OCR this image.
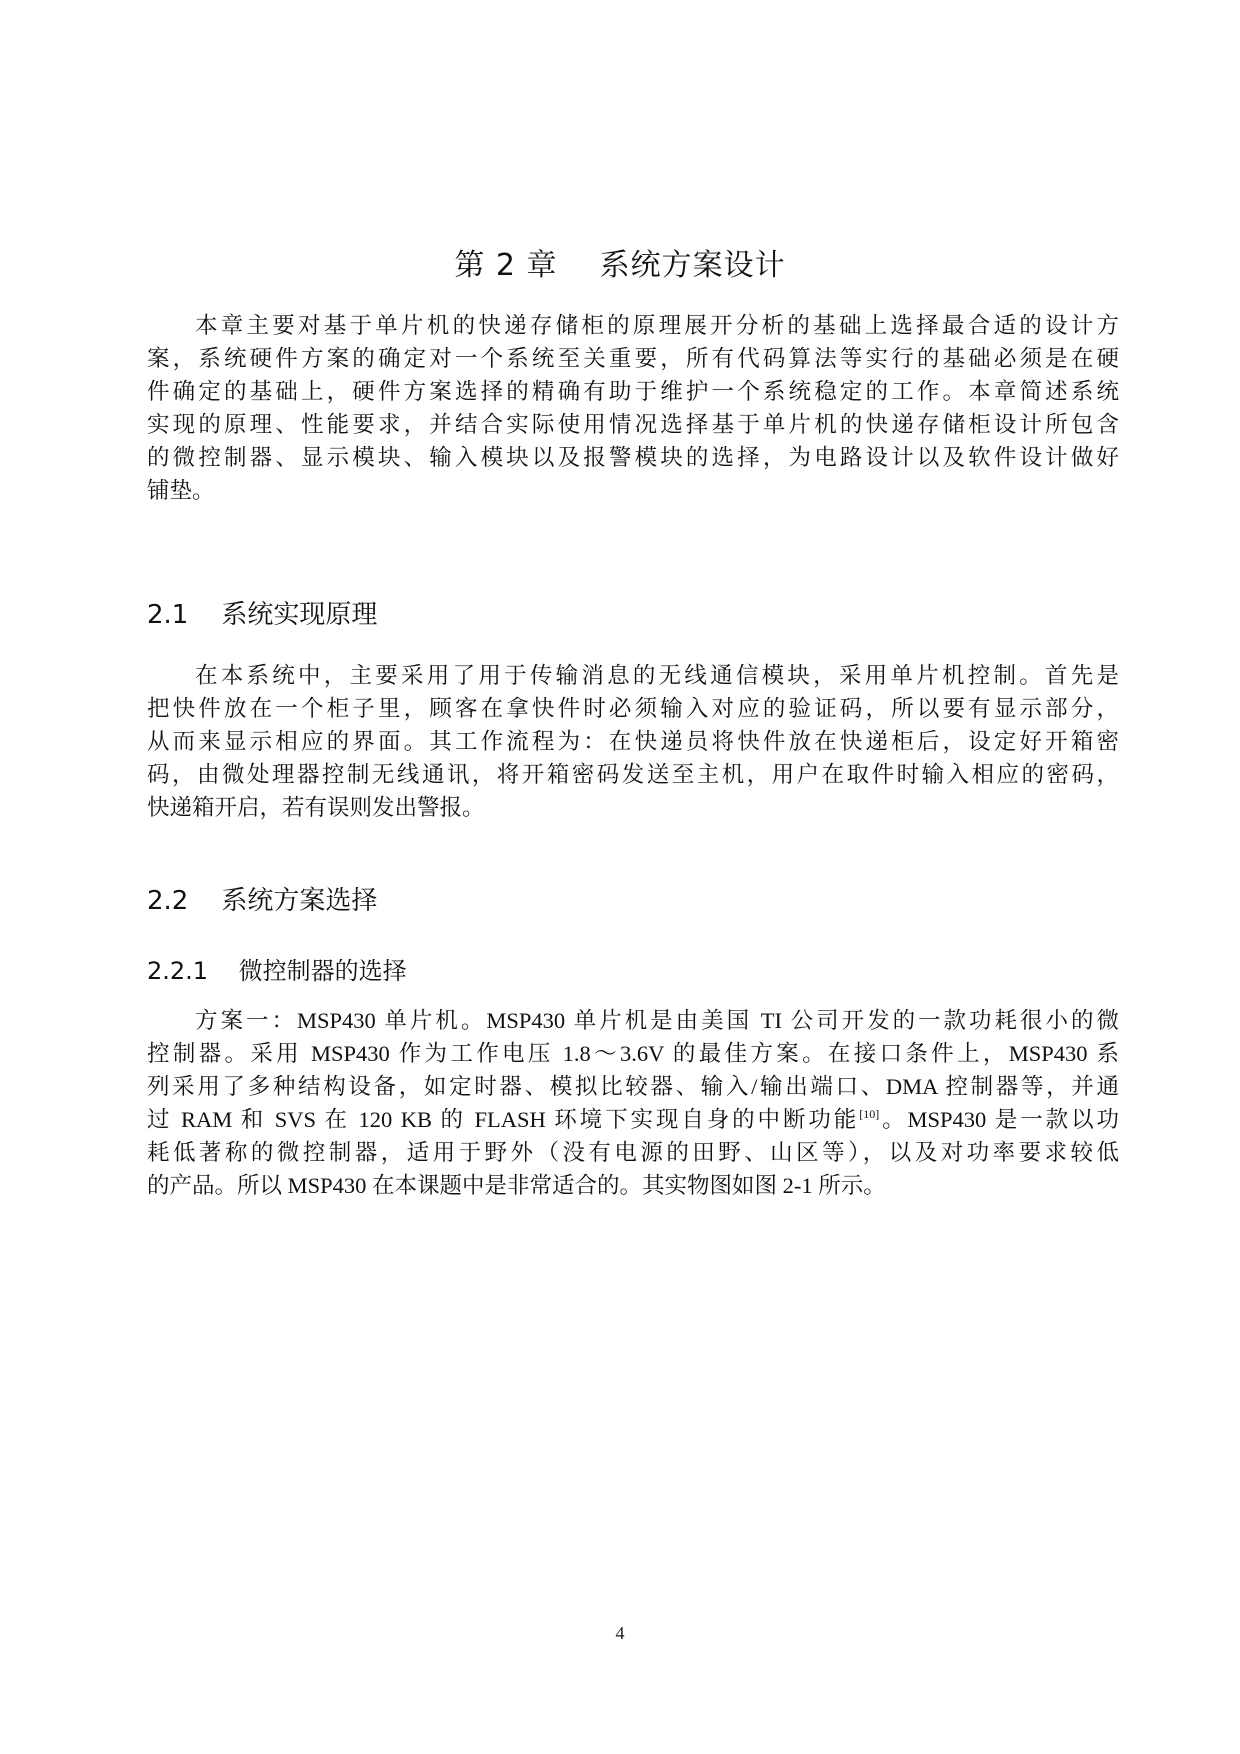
第 2 章    系统方案设计
本章主要对基于单片机的快递存储柜的原理展开分析的基础上选择最合适的设计方
案，系统硬件方案的确定对一个系统至关重要，所有代码算法等实行的基础必须是在硬
件确定的基础上，硬件方案选择的精确有助于维护一个系统稳定的工作。本章简述系统
实现的原理、性能要求，并结合实际使用情况选择基于单片机的快递存储柜设计所包含
的微控制器、显示模块、输入模块以及报警模块的选择，为电路设计以及软件设计做好
铺垫。
2.1    系统实现原理
在本系统中，主要采用了用于传输消息的无线通信模块，采用单片机控制。首先是
把快件放在一个柜子里，顾客在拿快件时必须输入对应的验证码，所以要有显示部分，
从而来显示相应的界面。其工作流程为：在快递员将快件放在快递柜后，设定好开箱密
码，由微处理器控制无线通讯，将开箱密码发送至主机，用户在取件时输入相应的密码，
快递箱开启，若有误则发出警报。
2.2    系统方案选择
2.2.1    微控制器的选择
方案一：MSP430 单片机。MSP430 单片机是由美国 TI 公司开发的一款功耗很小的微
控制器。采用 MSP430 作为工作电压 1.8～3.6V 的最佳方案。在接口条件上，MSP430 系
列采用了多种结构设备，如定时器、模拟比较器、输入/输出端口、DMA 控制器等，并通
过 RAM 和 SVS 在 120 KB 的 FLASH 环境下实现自身的中断功能[10]。MSP430 是一款以功
耗低著称的微控制器，适用于野外（没有电源的田野、山区等），以及对功率要求较低
的产品。所以 MSP430 在本课题中是非常适合的。其实物图如图 2-1 所示。
4
